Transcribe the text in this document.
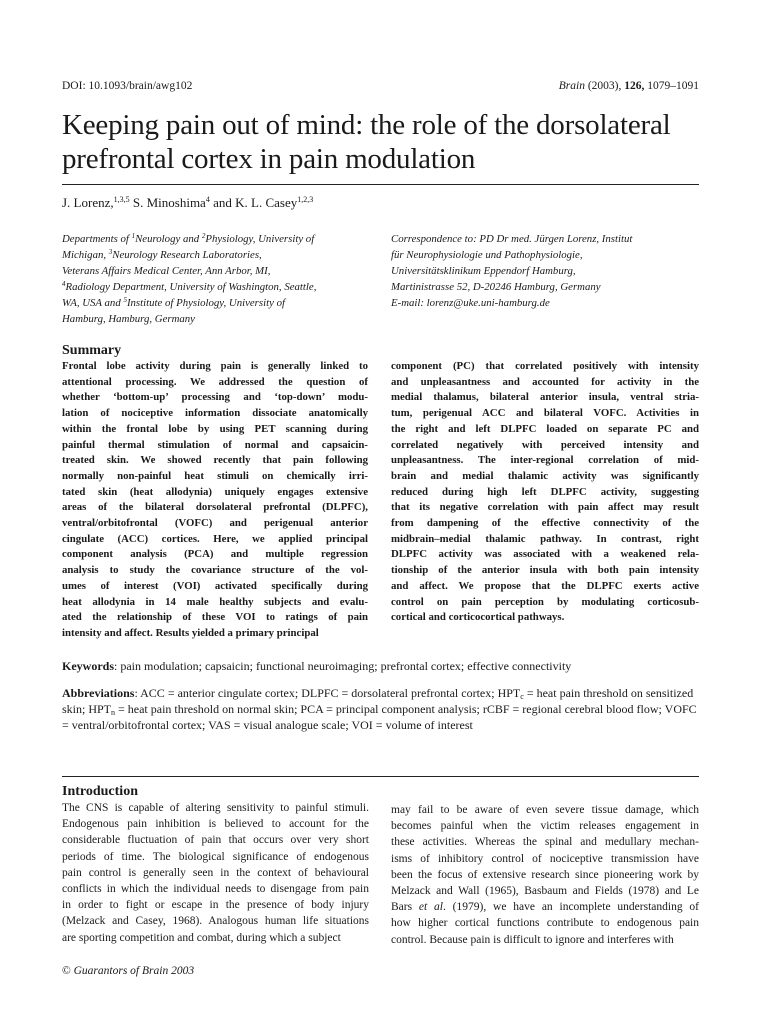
DOI: 10.1093/brain/awg102	Brain (2003), 126, 1079–1091
Keeping pain out of mind: the role of the dorsolateral prefrontal cortex in pain modulation
J. Lorenz,$^{1,3,5}$ S. Minoshima$^4$ and K. L. Casey$^{1,2,3}$
Departments of $^1$Neurology and $^2$Physiology, University of
Michigan, $^3$Neurology Research Laboratories,
Veterans Affairs Medical Center, Ann Arbor, MI,
$^4$Radiology Department, University of Washington, Seattle,
WA, USA and $^5$Institute of Physiology, University of
Hamburg, Hamburg, Germany
Correspondence to: PD Dr med. Jürgen Lorenz, Institut
für Neurophysiologie und Pathophysiologie,
Universitätsklinikum Eppendorf Hamburg,
Martinistrasse 52, D-20246 Hamburg, Germany
E-mail: lorenz@uke.uni-hamburg.de
Summary
Frontal lobe activity during pain is generally linked to
attentional processing. We addressed the question of
whether ‘bottom-up’ processing and ‘top-down’ modu-
lation of nociceptive information dissociate anatomically
within the frontal lobe by using PET scanning during
painful thermal stimulation of normal and capsaicin-
treated skin. We showed recently that pain following
normally non-painful heat stimuli on chemically irri-
tated skin (heat allodynia) uniquely engages extensive
areas of the bilateral dorsolateral prefrontal (DLPFC),
ventral/orbitofrontal (VOFC) and perigenual anterior
cingulate (ACC) cortices. Here, we applied principal
component analysis (PCA) and multiple regression
analysis to study the covariance structure of the vol-
umes of interest (VOI) activated specifically during
heat allodynia in 14 male healthy subjects and evalu-
ated the relationship of these VOI to ratings of pain
intensity and affect. Results yielded a primary principal
component (PC) that correlated positively with intensity
and unpleasantness and accounted for activity in the
medial thalamus, bilateral anterior insula, ventral stria-
tum, perigenual ACC and bilateral VOFC. Activities in
the right and left DLPFC loaded on separate PC and
correlated negatively with perceived intensity and
unpleasantness. The inter-regional correlation of mid-
brain and medial thalamic activity was significantly
reduced during high left DLPFC activity, suggesting
that its negative correlation with pain affect may result
from dampening of the effective connectivity of the
midbrain–medial thalamic pathway. In contrast, right
DLPFC activity was associated with a weakened rela-
tionship of the anterior insula with both pain intensity
and affect. We propose that the DLPFC exerts active
control on pain perception by modulating corticosub-
cortical and corticocortical pathways.
Keywords: pain modulation; capsaicin; functional neuroimaging; prefrontal cortex; effective connectivity
Abbreviations: ACC = anterior cingulate cortex; DLPFC = dorsolateral prefrontal cortex; $HPT_c$ = heat pain threshold on sensitized skin; $HPT_n$ = heat pain threshold on normal skin; PCA = principal component analysis; rCBF = regional cerebral blood flow; VOFC = ventral/orbitofrontal cortex; VAS = visual analogue scale; VOI = volume of interest
Introduction
The CNS is capable of altering sensitivity to painful stimuli.
Endogenous pain inhibition is believed to account for the
considerable fluctuation of pain that occurs over very short
periods of time. The biological significance of endogenous
pain control is generally seen in the context of behavioural
conflicts in which the individual needs to disengage from pain
in order to fight or escape in the presence of body injury
(Melzack and Casey, 1968). Analogous human life situations
are sporting competition and combat, during which a subject
may fail to be aware of even severe tissue damage, which
becomes painful when the victim releases engagement in
these activities. Whereas the spinal and medullary mechan-
isms of inhibitory control of nociceptive transmission have
been the focus of extensive research since pioneering work by
Melzack and Wall (1965), Basbaum and Fields (1978) and Le
Bars et al. (1979), we have an incomplete understanding of
how higher cortical functions contribute to endogenous pain
control. Because pain is difficult to ignore and interferes with
© Guarantors of Brain 2003
